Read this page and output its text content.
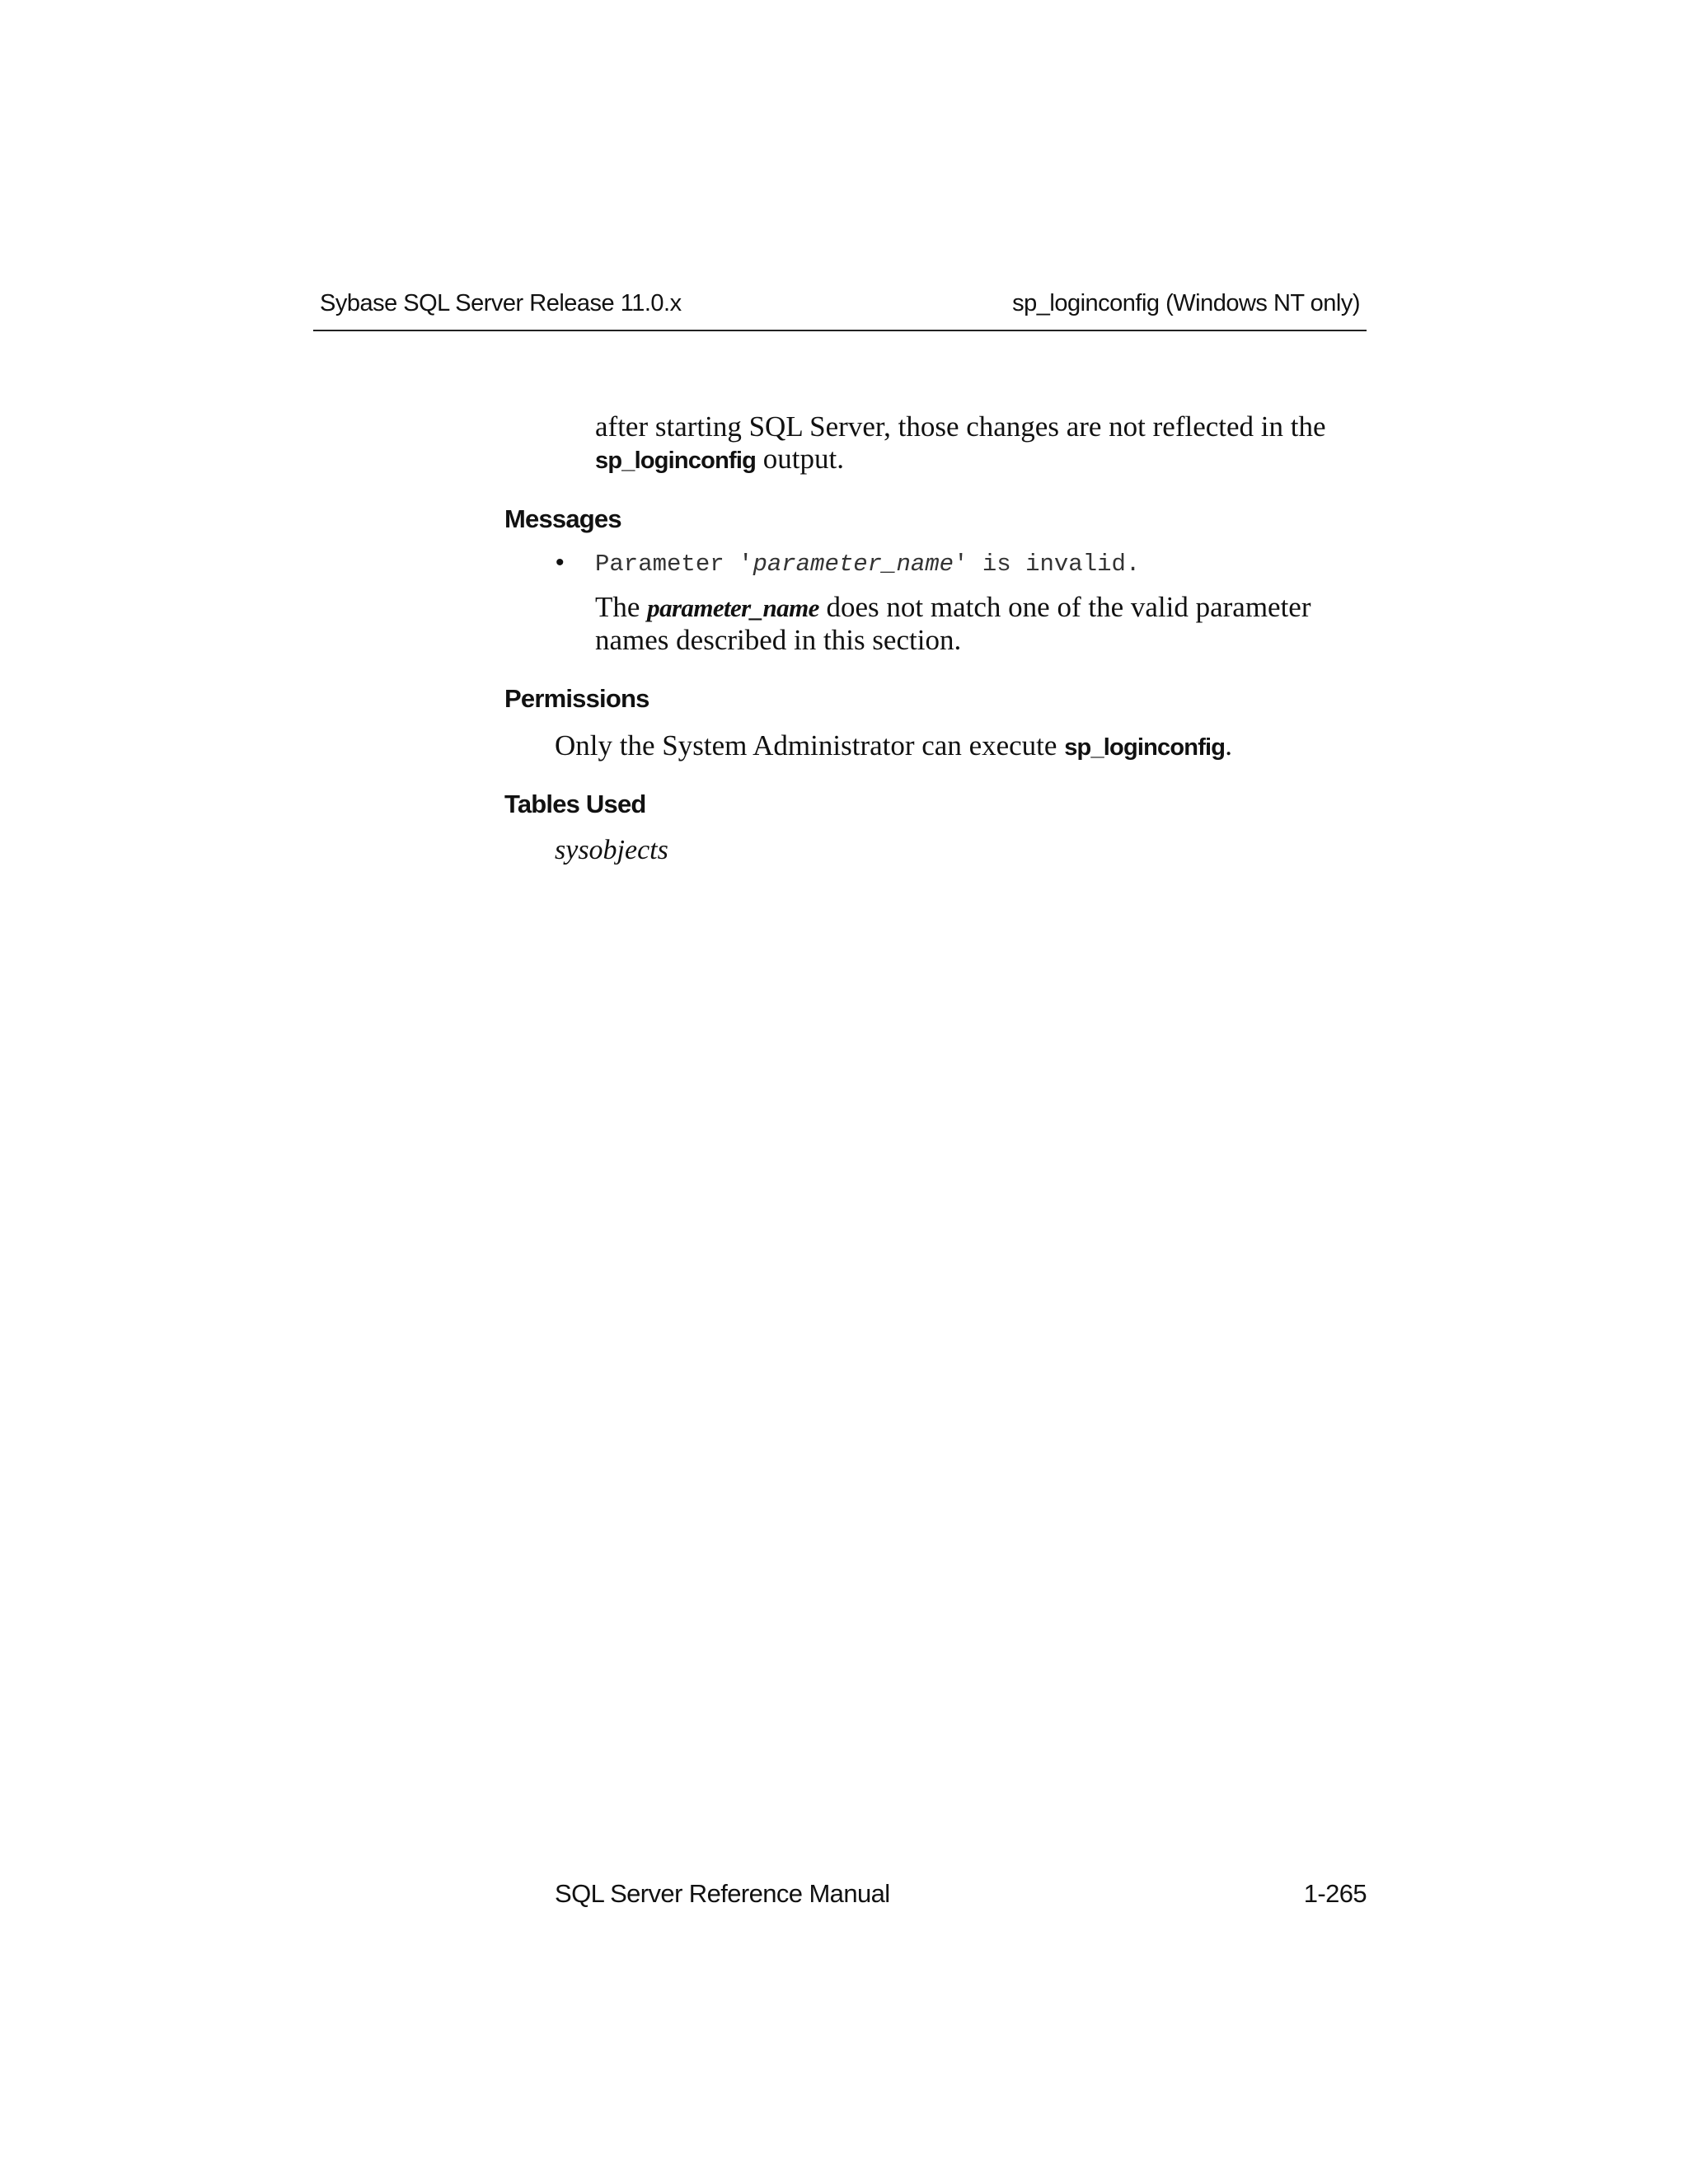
Sybase SQL Server Release 11.0.x	sp_loginconfig (Windows NT only)
after starting SQL Server, those changes are not reflected in the
sp_loginconfig output.
Messages
• Parameter 'parameter_name' is invalid.
The parameter_name does not match one of the valid parameter
names described in this section.
Permissions
Only the System Administrator can execute sp_loginconfig.
Tables Used
sysobjects
SQL Server Reference Manual	1-265
